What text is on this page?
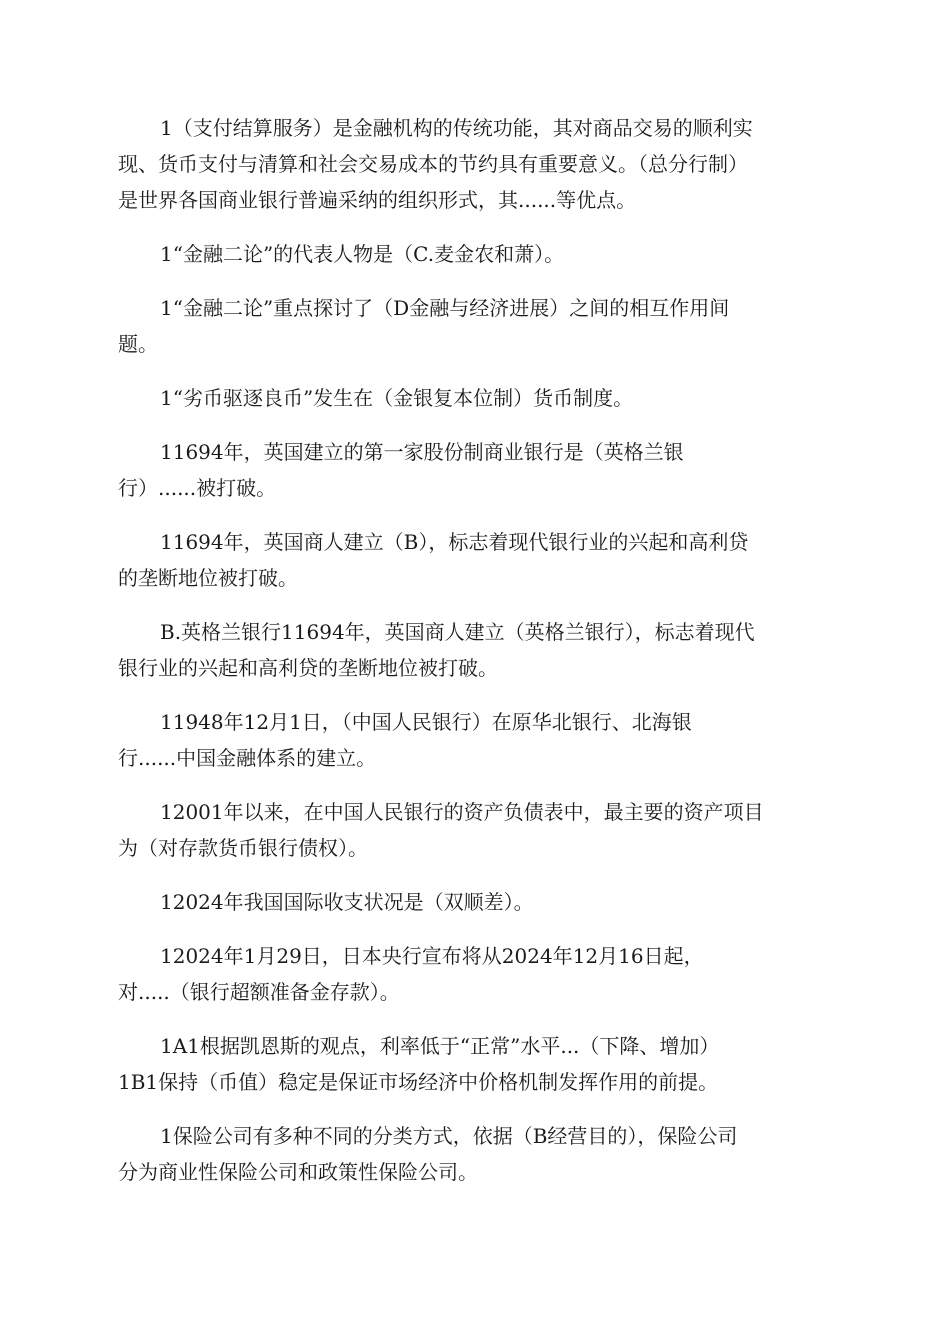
1（支付结算服务）是金融机构的传统功能，其对商品交易的顺利实
现、货币支付与清算和社会交易成本的节约具有重要意义。（总分行制）
是世界各国商业银行普遍采纳的组织形式，其......等优点。

1“金融二论”的代表人物是（C.麦金农和萧）。

1“金融二论”重点探讨了（D金融与经济进展）之间的相互作用间
题。

1“劣币驱逐良币”发生在（金银复本位制）货币制度。

11694年，英国建立的第一家股份制商业银行是（英格兰银
行）......被打破。

11694年，英国商人建立（B），标志着现代银行业的兴起和高利贷
的垄断地位被打破。

B.英格兰银行11694年，英国商人建立（英格兰银行），标志着现代
银行业的兴起和高利贷的垄断地位被打破。

11948年12月1日，（中国人民银行）在原华北银行、北海银
行......中国金融体系的建立。

12001年以来，在中国人民银行的资产负债表中，最主要的资产项目
为（对存款货币银行债权）。

12024年我国国际收支状况是（双顺差）。

12024年1月29日，日本央行宣布将从2024年12月16日起，
对.....（银行超额准备金存款）。

1A1根据凯恩斯的观点，利率低于“正常”水平...（下降、增加）

1B1保持（币值）稳定是保证市场经济中价格机制发挥作用的前提。

1保险公司有多种不同的分类方式，依据（B经营目的），保险公司
分为商业性保险公司和政策性保险公司。
